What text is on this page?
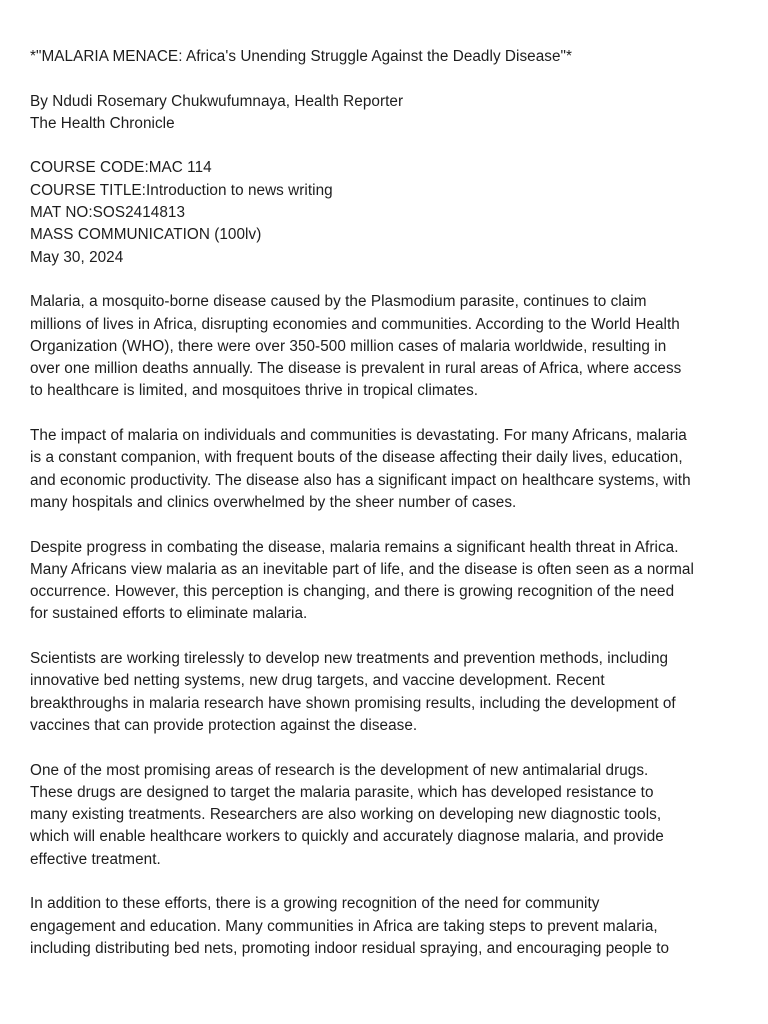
*"MALARIA MENACE: Africa's Unending Struggle Against the Deadly Disease"*
By Ndudi Rosemary Chukwufumnaya, Health Reporter
The Health Chronicle
COURSE CODE:MAC 114
COURSE TITLE:Introduction to news writing
MAT NO:SOS2414813
MASS COMMUNICATION (100lv)
May 30, 2024
Malaria, a mosquito-borne disease caused by the Plasmodium parasite, continues to claim
millions of lives in Africa, disrupting economies and communities. According to the World Health
Organization (WHO), there were over 350-500 million cases of malaria worldwide, resulting in
over one million deaths annually. The disease is prevalent in rural areas of Africa, where access
to healthcare is limited, and mosquitoes thrive in tropical climates.
The impact of malaria on individuals and communities is devastating. For many Africans, malaria
is a constant companion, with frequent bouts of the disease affecting their daily lives, education,
and economic productivity. The disease also has a significant impact on healthcare systems, with
many hospitals and clinics overwhelmed by the sheer number of cases.
Despite progress in combating the disease, malaria remains a significant health threat in Africa.
Many Africans view malaria as an inevitable part of life, and the disease is often seen as a normal
occurrence. However, this perception is changing, and there is growing recognition of the need
for sustained efforts to eliminate malaria.
Scientists are working tirelessly to develop new treatments and prevention methods, including
innovative bed netting systems, new drug targets, and vaccine development. Recent
breakthroughs in malaria research have shown promising results, including the development of
vaccines that can provide protection against the disease.
One of the most promising areas of research is the development of new antimalarial drugs.
These drugs are designed to target the malaria parasite, which has developed resistance to
many existing treatments. Researchers are also working on developing new diagnostic tools,
which will enable healthcare workers to quickly and accurately diagnose malaria, and provide
effective treatment.
In addition to these efforts, there is a growing recognition of the need for community
engagement and education. Many communities in Africa are taking steps to prevent malaria,
including distributing bed nets, promoting indoor residual spraying, and encouraging people to
